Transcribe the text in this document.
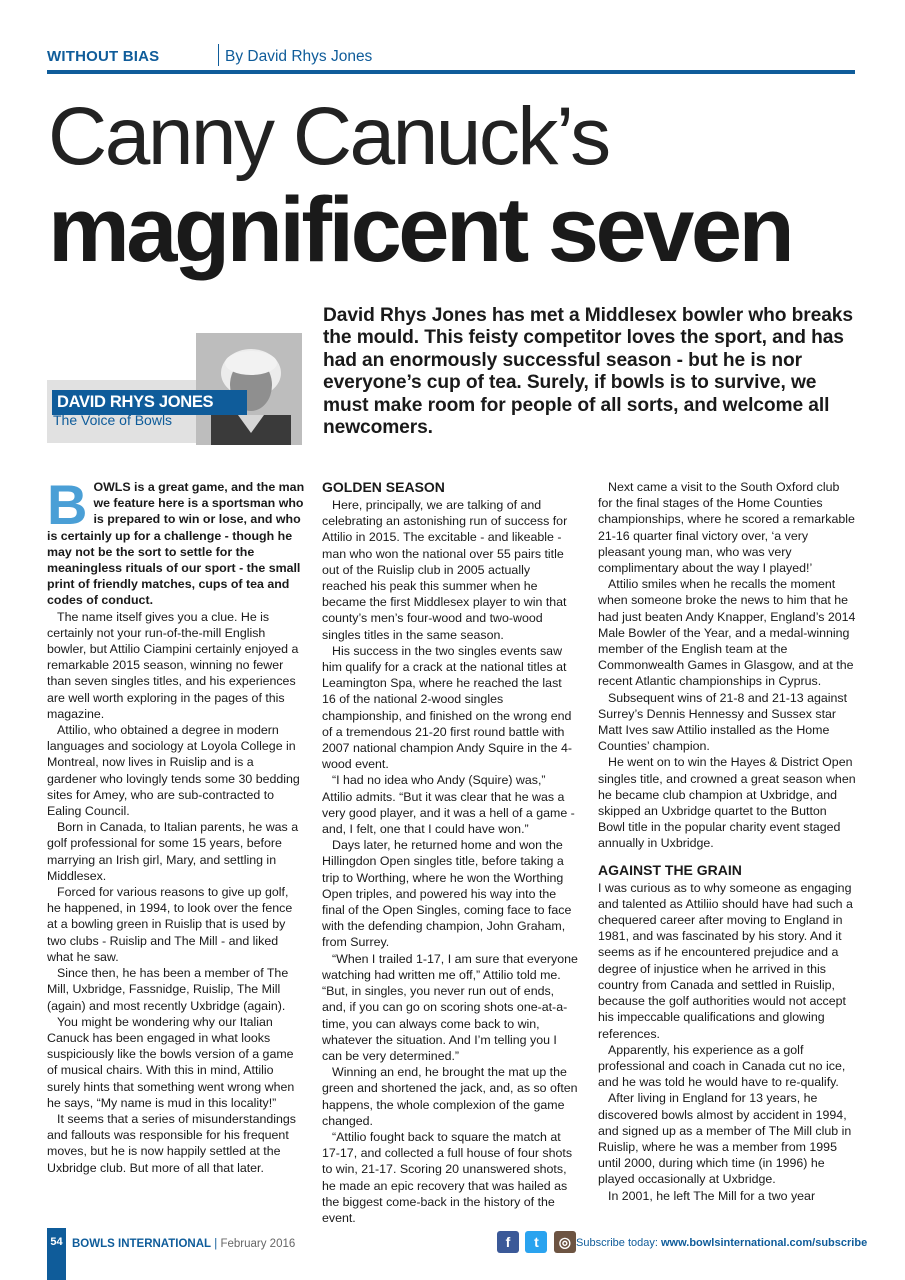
WITHOUT BIAS	By David Rhys Jones
Canny Canuck’s
magnificent seven
DAVID RHYS JONES
The Voice of Bowls

David Rhys Jones has met a Middlesex bowler who breaks the mould. This feisty competitor loves the sport, and has had an enormously successful season - but he is nor everyone’s cup of tea. Surely, if bowls is to survive, we must make room for people of all sorts, and welcome all newcomers.

B OWLS is a great game, and the man we feature here is a sportsman who is prepared to win or lose, and who is certainly up for a challenge - though he may not be the sort to settle for the meaningless rituals of our sport - the small print of friendly matches, cups of tea and codes of conduct.

The name itself gives you a clue. He is certainly not your run-of-the-mill English bowler, but Attilio Ciampini certainly enjoyed a remarkable 2015 season, winning no fewer than seven singles titles, and his experiences are well worth exploring in the pages of this magazine.

Attilio, who obtained a degree in modern languages and sociology at Loyola College in Montreal, now lives in Ruislip and is a gardener who lovingly tends some 30 bedding sites for Amey, who are sub-contracted to Ealing Council.

Born in Canada, to Italian parents, he was a golf professional for some 15 years, before marrying an Irish girl, Mary, and settling in Middlesex.

Forced for various reasons to give up golf, he happened, in 1994, to look over the fence at a bowling green in Ruislip that is used by two clubs - Ruislip and The Mill - and liked what he saw.

Since then, he has been a member of The Mill, Uxbridge, Fassnidge, Ruislip, The Mill (again) and most recently Uxbridge (again).

You might be wondering why our Italian Canuck has been engaged in what looks suspiciously like the bowls version of a game of musical chairs. With this in mind, Attilio surely hints that something went wrong when he says, “My name is mud in this locality!”

It seems that a series of misunderstandings and fallouts was responsible for his frequent moves, but he is now happily settled at the Uxbridge club. But more of all that later.

GOLDEN SEASON

Here, principally, we are talking of and celebrating an astonishing run of success for Attilio in 2015. The excitable - and likeable - man who won the national over 55 pairs title out of the Ruislip club in 2005 actually reached his peak this summer when he became the first Middlesex player to win that county’s men’s four-wood and two-wood singles titles in the same season.

His success in the two singles events saw him qualify for a crack at the national titles at Leamington Spa, where he reached the last 16 of the national 2-wood singles championship, and finished on the wrong end of a tremendous 21-20 first round battle with 2007 national champion Andy Squire in the 4-wood event.

“I had no idea who Andy (Squire) was,” Attilio admits. “But it was clear that he was a very good player, and it was a hell of a game - and, I felt, one that I could have won.”

Days later, he returned home and won the Hillingdon Open singles title, before taking a trip to Worthing, where he won the Worthing Open triples, and powered his way into the final of the Open Singles, coming face to face with the defending champion, John Graham, from Surrey.

“When I trailed 1-17, I am sure that everyone watching had written me off,” Attilio told me. “But, in singles, you never run out of ends, and, if you can go on scoring shots one-at-a-time, you can always come back to win, whatever the situation. And I’m telling you I can be very determined.”

Winning an end, he brought the mat up the green and shortened the jack, and, as so often happens, the whole complexion of the game changed.

“Attilio fought back to square the match at 17-17, and collected a full house of four shots to win, 21-17. Scoring 20 unanswered shots, he made an epic recovery that was hailed as the biggest come-back in the history of the event.

Next came a visit to the South Oxford club for the final stages of the Home Counties championships, where he scored a remarkable 21-16 quarter final victory over, ‘a very pleasant young man, who was very complimentary about the way I played!’

Attilio smiles when he recalls the moment when someone broke the news to him that he had just beaten Andy Knapper, England’s 2014 Male Bowler of the Year, and a medal-winning member of the English team at the Commonwealth Games in Glasgow, and at the recent Atlantic championships in Cyprus.

Subsequent wins of 21-8 and 21-13 against Surrey’s Dennis Hennessy and Sussex star Matt Ives saw Attilio installed as the Home Counties’ champion.

He went on to win the Hayes & District Open singles title, and crowned a great season when he became club champion at Uxbridge, and skipped an Uxbridge quartet to the Button Bowl title in the popular charity event staged annually in Uxbridge.

AGAINST THE GRAIN

I was curious as to why someone as engaging and talented as Attiliio should have had such a chequered career after moving to England in 1981, and was fascinated by his story. And it seems as if he encountered prejudice and a degree of injustice when he arrived in this country from Canada and settled in Ruislip, because the golf authorities would not accept his impeccable qualifications and glowing references.

Apparently, his experience as a golf professional and coach in Canada cut no ice, and he was told he would have to re-qualify.

After living in England for 13 years, he discovered bowls almost by accident in 1994, and signed up as a member of The Mill club in Ruislip, where he was a member from 1995 until 2000, during which time (in 1996) he played occasionally at Uxbridge.

In 2001, he left The Mill for a two year

54 BOWLS INTERNATIONAL | February 2016	f t ◎ Subscribe today: www.bowlsinternational.com/subscribe
